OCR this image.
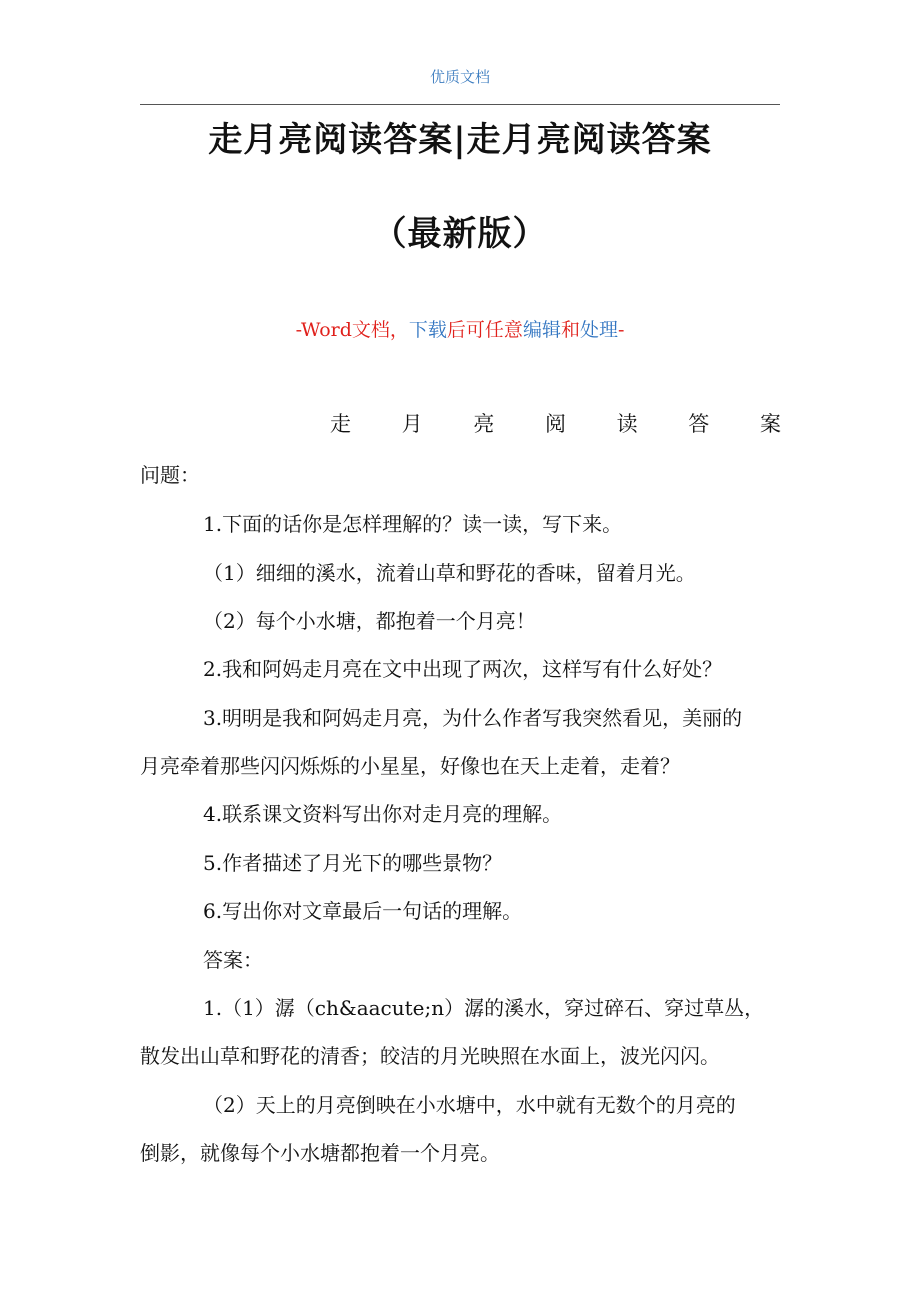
优质文档
走月亮阅读答案|走月亮阅读答案
（最新版）
-Word文档，下载后可任意编辑和处理-
走 月 亮 阅 读 答 案
问题：
1.下面的话你是怎样理解的？读一读，写下来。
（1）细细的溪水，流着山草和野花的香味，留着月光。
（2）每个小水塘，都抱着一个月亮！
2.我和阿妈走月亮在文中出现了两次，这样写有什么好处？
3.明明是我和阿妈走月亮，为什么作者写我突然看见，美丽的
月亮牵着那些闪闪烁烁的小星星，好像也在天上走着，走着？
4.联系课文资料写出你对走月亮的理解。
5.作者描述了月光下的哪些景物？
6.写出你对文章最后一句话的理解。
答案：
1.（1）潺（ch&aacute;n）潺的溪水，穿过碎石、穿过草丛，
散发出山草和野花的清香；皎洁的月光映照在水面上，波光闪闪。
（2）天上的月亮倒映在小水塘中，水中就有无数个的月亮的
倒影，就像每个小水塘都抱着一个月亮。
